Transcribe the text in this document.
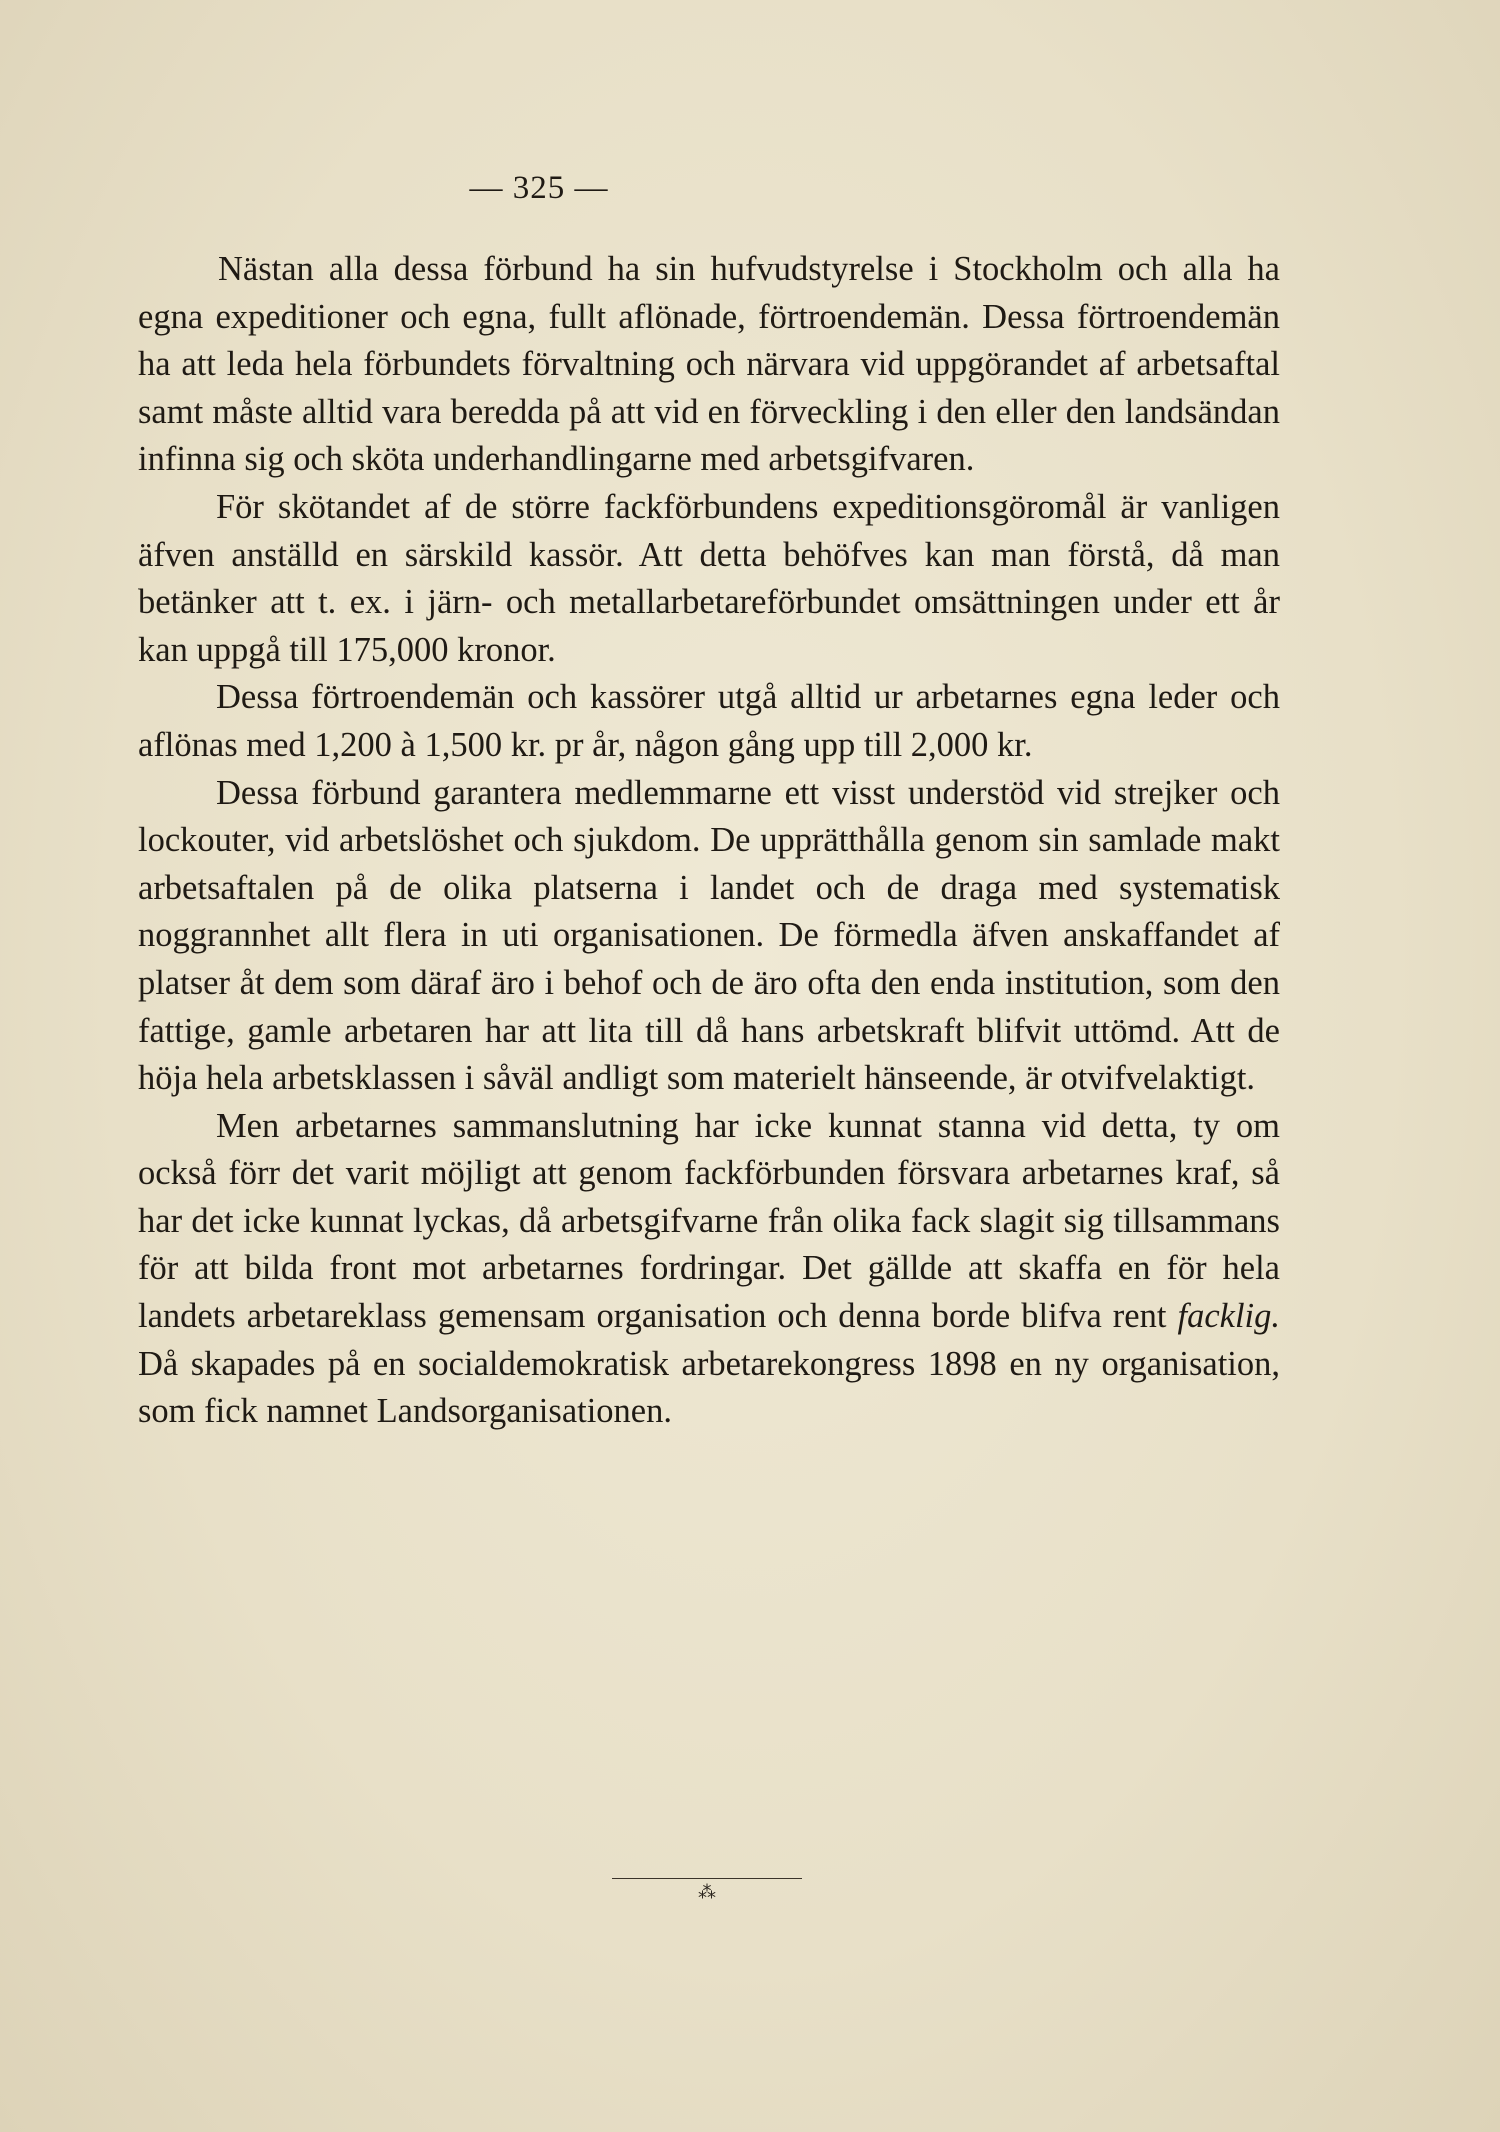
— 325 —

Nästan alla dessa förbund ha sin hufvudstyrelse i Stockholm och alla ha egna expeditioner och egna, fullt aflönade, förtroendemän. Dessa förtroendemän ha att leda hela förbundets förvaltning och närvara vid uppgörandet af arbetsaftal samt måste alltid vara beredda på att vid en förveckling i den eller den landsändan infinna sig och sköta underhandlingarne med arbetsgifvaren.

För skötandet af de större fackförbundens expeditionsgöromål är vanligen äfven anställd en särskild kassör. Att detta behöfves kan man förstå, då man betänker att t. ex. i järn- och metallarbetareförbundet omsättningen under ett år kan uppgå till 175,000 kronor.

Dessa förtroendemän och kassörer utgå alltid ur arbetarnes egna leder och aflönas med 1,200 à 1,500 kr. pr år, någon gång upp till 2,000 kr.

Dessa förbund garantera medlemmarne ett visst understöd vid strejker och lockouter, vid arbetslöshet och sjukdom. De upprätthålla genom sin samlade makt arbetsaftalen på de olika platserna i landet och de draga med systematisk noggrannhet allt flera in uti organisationen. De förmedla äfven anskaffandet af platser åt dem som däraf äro i behof och de äro ofta den enda institution, som den fattige, gamle arbetaren har att lita till då hans arbetskraft blifvit uttömd. Att de höja hela arbetsklassen i såväl andligt som materielt hänseende, är otvifvelaktigt.

Men arbetarnes sammanslutning har icke kunnat stanna vid detta, ty om också förr det varit möjligt att genom fackförbunden försvara arbetarnes kraf, så har det icke kunnat lyckas, då arbetsgifvarne från olika fack slagit sig tillsammans för att bilda front mot arbetarnes fordringar. Det gällde att skaffa en för hela landets arbetareklass gemensam organisation och denna borde blifva rent facklig. Då skapades på en socialdemokratisk arbetarekongress 1898 en ny organisation, som fick namnet Landsorganisationen.

⁂
